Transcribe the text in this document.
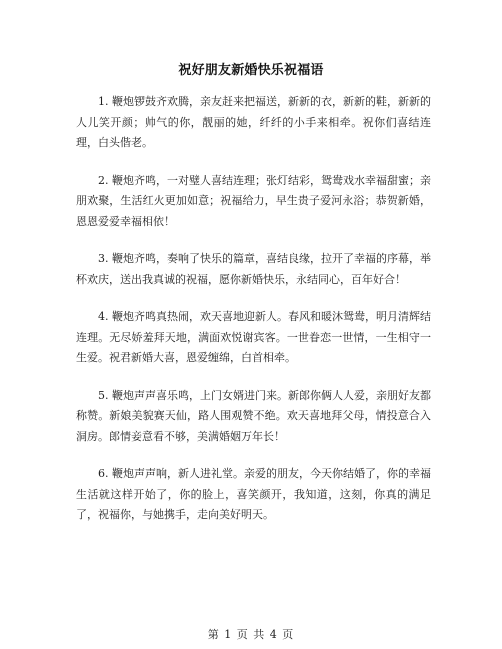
祝好朋友新婚快乐祝福语

1. 鞭炮锣鼓齐欢腾，亲友赶来把福送，新新的衣，新新的鞋，新新的人儿笑开颜；帅气的你，靓丽的她，纤纤的小手来相牵。祝你们喜结连理，白头偕老。

2. 鞭炮齐鸣，一对璧人喜结连理；张灯结彩，鸳鸯戏水幸福甜蜜；亲朋欢聚，生活红火更加如意；祝福给力，早生贵子爱河永浴；恭贺新婚，恩恩爱爱幸福相依！

3. 鞭炮齐鸣，奏响了快乐的篇章，喜结良缘，拉开了幸福的序幕，举杯欢庆，送出我真诚的祝福，愿你新婚快乐，永结同心，百年好合！

4. 鞭炮齐鸣真热闹，欢天喜地迎新人。春风和暖沐鸳鸯，明月清辉结连理。无尽娇羞拜天地，满面欢悦谢宾客。一世眷恋一世情，一生相守一生爱。祝君新婚大喜，恩爱缠绵，白首相牵。

5. 鞭炮声声喜乐鸣，上门女婿进门来。新郎你俩人人爱，亲朋好友都称赞。新娘美貌赛天仙，路人围观赞不绝。欢天喜地拜父母，情投意合入洞房。郎情妾意看不够，美满婚姻万年长！

6. 鞭炮声声响，新人进礼堂。亲爱的朋友，今天你结婚了，你的幸福生活就这样开始了，你的脸上，喜笑颜开，我知道，这刻，你真的满足了，祝福你，与她携手，走向美好明天。

第 1 页 共 4 页
